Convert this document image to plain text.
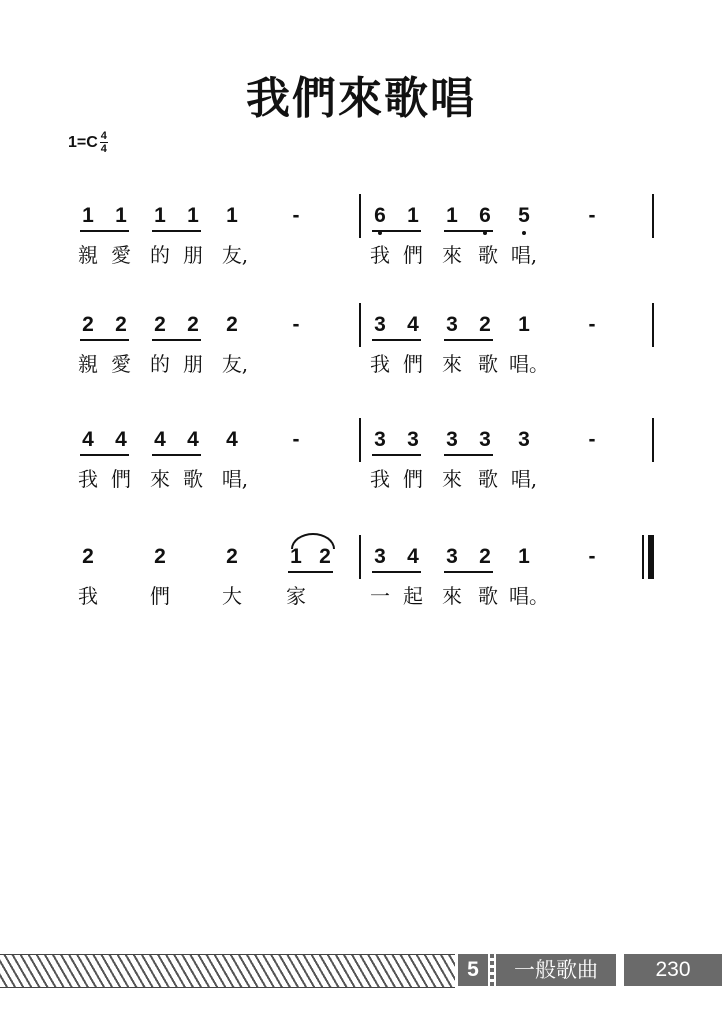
我們來歌唱
1=C 4
4
1 1 1 1 1	-	6 1 1 6 5	-
親 愛 的 朋 友,	我 們 來 歌 唱,
2 2 2 2 2	-	3 4 3 2 1	-
親 愛 的 朋 友,	我 們 來 歌 唱。
4 4 4 4 4	-	3 3 3 3 3	-
我 們 來 歌 唱,	我 們 來 歌 唱,
2	2	2 1 2 3 4 3 2 1	-
我	們	大 家	一 起 來 歌 唱。
5	一般歌曲	230
